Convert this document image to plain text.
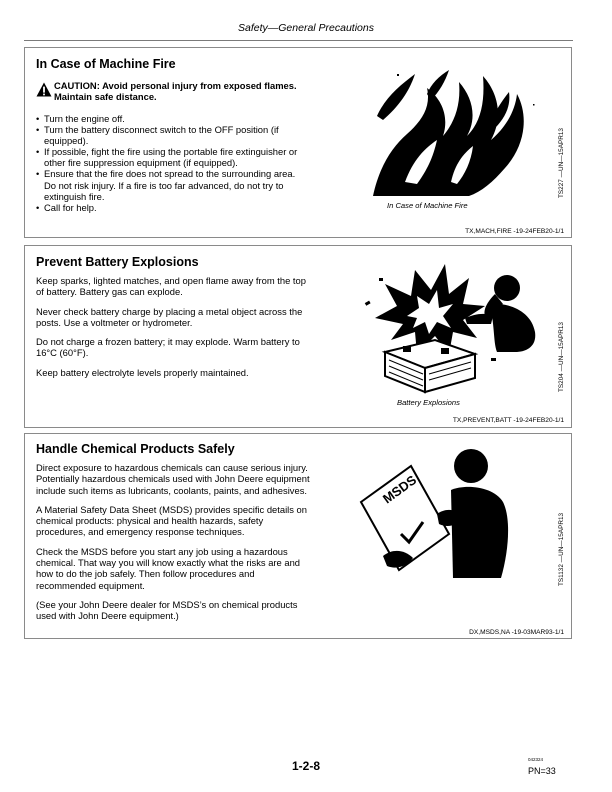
Safety—General Precautions
In Case of Machine Fire
CAUTION: Avoid personal injury from exposed flames. Maintain safe distance.
• Turn the engine off.
• Turn the battery disconnect switch to the OFF position (if equipped).
• If possible, fight the fire using the portable fire extinguisher or other fire suppression equipment (if equipped).
• Ensure that the fire does not spread to the surrounding area. Do not risk injury. If a fire is too far advanced, do not try to extinguish fire.
• Call for help.	In Case of Machine Fire
TS227 —UN—15APR13
TX,MACH,FIRE -19-24FEB20-1/1
Prevent Battery Explosions

Keep sparks, lighted matches, and open flame away from the top of battery. Battery gas can explode.

Never check battery charge by placing a metal object across the posts. Use a voltmeter or hydrometer.

Do not charge a frozen battery; it may explode. Warm battery to 16°C (60°F).

Keep battery electrolyte levels properly maintained.

Battery Explosions
TS204 —UN—15APR13
TX,PREVENT,BATT -19-24FEB20-1/1
Handle Chemical Products Safely

Direct exposure to hazardous chemicals can cause serious injury. Potentially hazardous chemicals used with John Deere equipment include such items as lubricants, coolants, paints, and adhesives.

A Material Safety Data Sheet (MSDS) provides specific details on chemical products: physical and health hazards, safety procedures, and emergency response techniques.

Check the MSDS before you start any job using a hazardous chemical. That way you will know exactly what the risks are and how to do the job safely. Then follow procedures and recommended equipment.

(See your John Deere dealer for MSDS’s on chemical products used with John Deere equipment.)

MSDS
TS1132 —UN—15APR13
DX,MSDS,NA -19-03MAR93-1/1
1-2-8	042324
PN=33
